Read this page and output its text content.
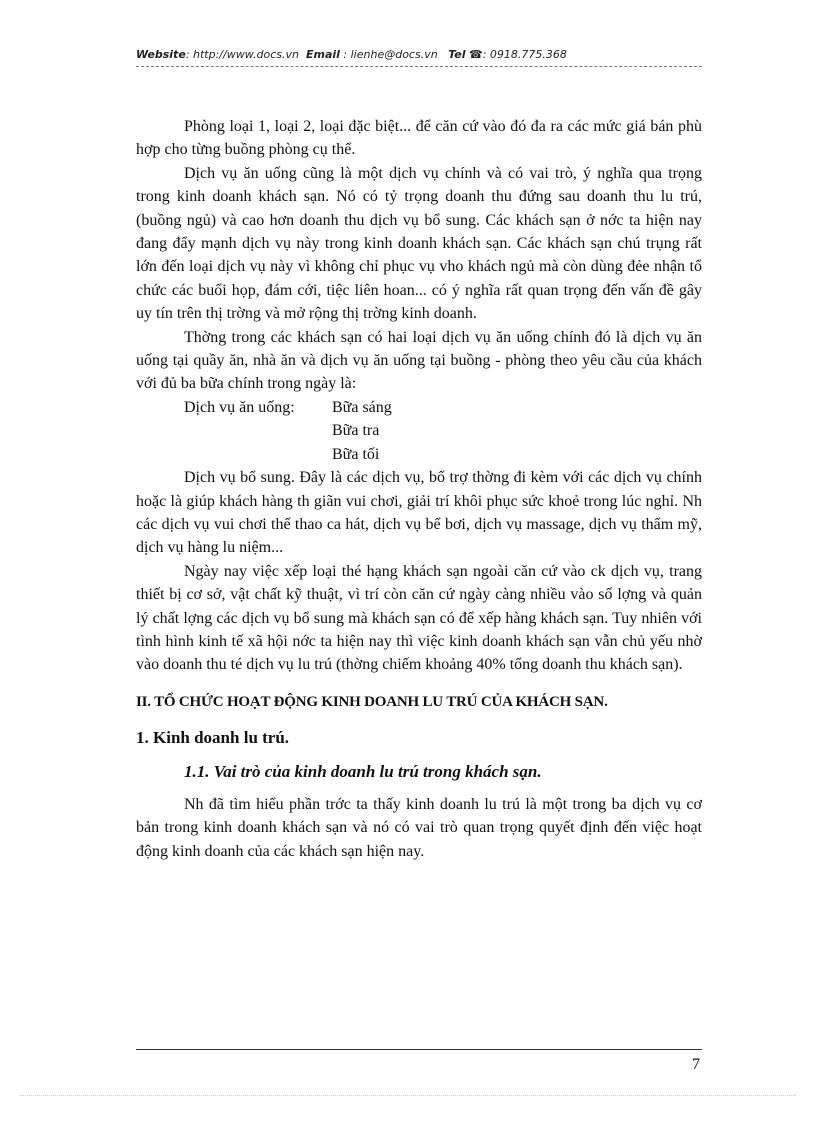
Website: http://www.docs.vn Email : lienhe@docs.vn Tel ☎: 0918.775.368

Phòng loại 1, loại 2, loại đặc biệt... để căn cứ vào đó đa ra các mức giá bán phù hợp cho từng buồng phòng cụ thể.

Dịch vụ ăn uống cũng là một dịch vụ chính và có vai trò, ý nghĩa qua trọng trong kinh doanh khách sạn. Nó có tỷ trọng doanh thu đứng sau doanh thu lu trú, (buồng ngủ) và cao hơn doanh thu dịch vụ bổ sung. Các khách sạn ở nớc ta hiện nay đang đẩy mạnh dịch vụ này trong kinh doanh khách sạn. Các khách sạn chú trụng rất lớn đến loại dịch vụ này vì không chỉ phục vụ vho khách ngủ mà còn dùng đẻe nhận tổ chức các buổi họp, đám cới, tiệc liên hoan... có ý nghĩa rất quan trọng đến vấn đề gây uy tín trên thị trờng và mở rộng thị trờng kinh doanh.

Thờng trong các khách sạn có hai loại dịch vụ ăn uống chính đó là dịch vụ ăn uống tại quầy ăn, nhà ăn và dịch vụ ăn uống tại buồng - phòng theo yêu cầu của khách với đủ ba bữa chính trong ngày là:

Dịch vụ ăn uống:	Bữa sáng
Bữa tra
Bữa tối

Dịch vụ bổ sung. Đây là các dịch vụ, bổ trợ thờng đi kèm với các dịch vụ chính hoặc là giúp khách hàng th giãn vui chơi, giải trí khôi phục sức khoẻ trong lúc nghỉ. Nh các dịch vụ vui chơi thể thao ca hát, dịch vụ bể bơi, dịch vụ massage, dịch vụ thẩm mỹ, dịch vụ hàng lu niệm...

Ngày nay việc xếp loại thé hạng khách sạn ngoài căn cứ vào ck dịch vụ, trang thiết bị cơ sở, vật chất kỹ thuật, vì trí còn căn cứ ngày càng nhiều vào số lợng và quản lý chất lợng các dịch vụ bổ sung mà khách sạn có để xếp hàng khách sạn. Tuy nhiên với tình hình kinh tế xã hội nớc ta hiện nay thì việc kinh doanh khách sạn vẫn chủ yếu nhờ vào doanh thu té dịch vụ lu trú (thờng chiếm khoảng 40% tổng doanh thu khách sạn).

II. TỔ CHỨC HOẠT ĐỘNG KINH DOANH LU TRÚ CỦA KHÁCH SẠN.
1. Kinh doanh lu trú.
1.1. Vai trò của kinh doanh lu trú trong khách sạn.

Nh đã tìm hiểu phần trớc ta thấy kinh doanh lu trú là một trong ba dịch vụ cơ bản trong kinh doanh khách sạn và nó có vai trò quan trọng quyết định đến việc hoạt động kinh doanh của các khách sạn hiện nay.

7
